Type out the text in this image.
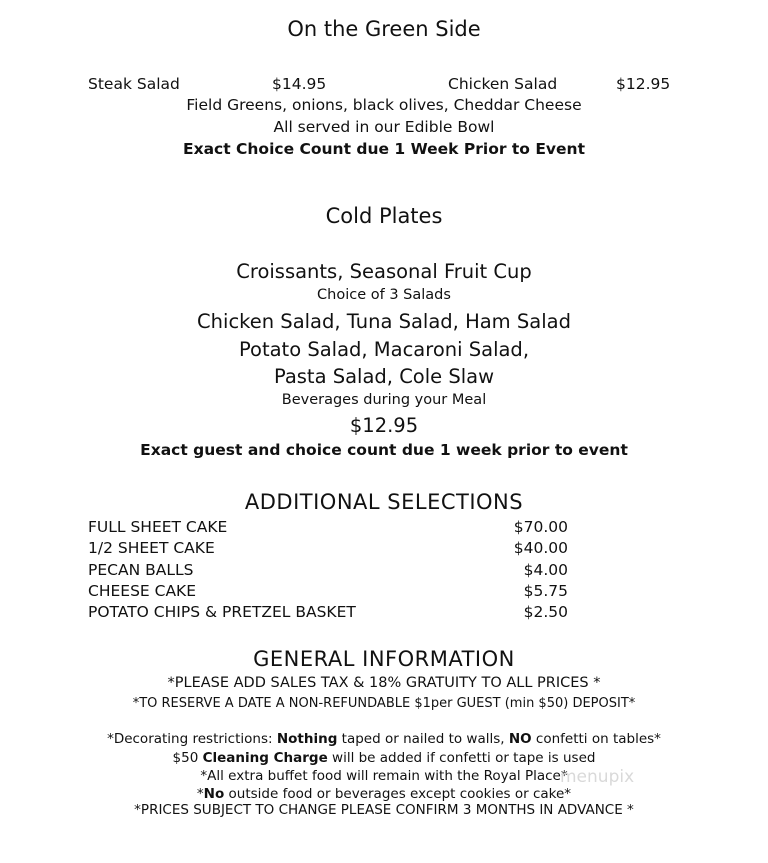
On the Green Side
Steak Salad	$14.95	Chicken Salad	$12.95
Field Greens, onions, black olives, Cheddar Cheese
All served in our Edible Bowl
Exact Choice Count due 1 Week Prior to Event
Cold Plates
Croissants, Seasonal Fruit Cup
Choice of 3 Salads
Chicken Salad, Tuna Salad, Ham Salad
Potato Salad, Macaroni Salad,
Pasta Salad, Cole Slaw
Beverages during your Meal
$12.95
Exact guest and choice count due 1 week prior to event
ADDITIONAL SELECTIONS
FULL SHEET CAKE	$70.00
1/2 SHEET CAKE	$40.00
PECAN BALLS	$4.00
CHEESE CAKE	$5.75
POTATO CHIPS & PRETZEL BASKET	$2.50
GENERAL INFORMATION
*PLEASE ADD SALES TAX & 18% GRATUITY TO ALL PRICES *
*TO RESERVE A DATE A NON-REFUNDABLE $1per GUEST (min $50) DEPOSIT*
*Decorating restrictions: Nothing taped or nailed to walls, NO confetti on tables*
$50 Cleaning Charge will be added if confetti or tape is used
*All extra buffet food will remain with the Royal Place*
*No outside food or beverages except cookies or cake*
*PRICES SUBJECT TO CHANGE PLEASE CONFIRM 3 MONTHS IN ADVANCE *
menupix
